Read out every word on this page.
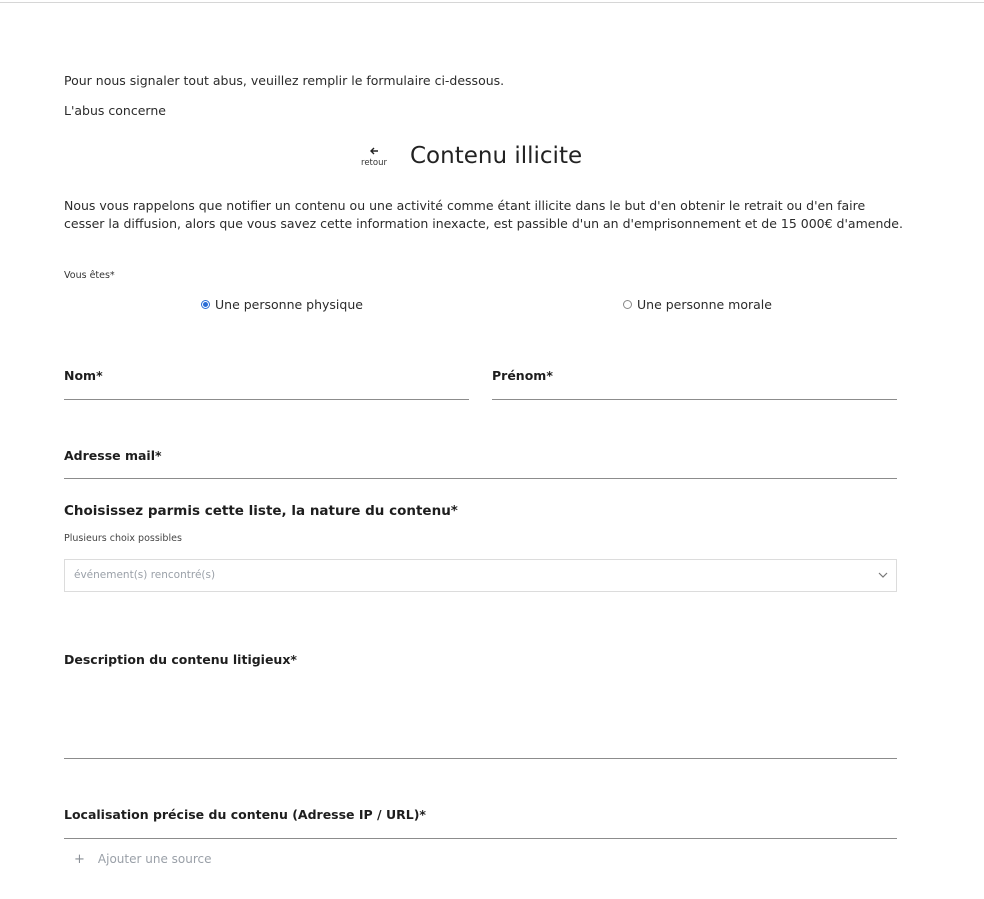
Pour nous signaler tout abus, veuillez remplir le formulaire ci-dessous.
L'abus concerne
retour Contenu illicite
Nous vous rappelons que notifier un contenu ou une activité comme étant illicite dans le but d'en obtenir le retrait ou d'en faire cesser la diffusion, alors que vous savez cette information inexacte, est passible d'un an d'emprisonnement et de 15 000€ d'amende.
Vous êtes*
Une personne physique	Une personne morale
Nom*	Prénom*
Adresse mail*
Choisissez parmis cette liste, la nature du contenu*
Plusieurs choix possibles
événement(s) rencontré(s)
Description du contenu litigieux*
Localisation précise du contenu (Adresse IP / URL)*
+ Ajouter une source
